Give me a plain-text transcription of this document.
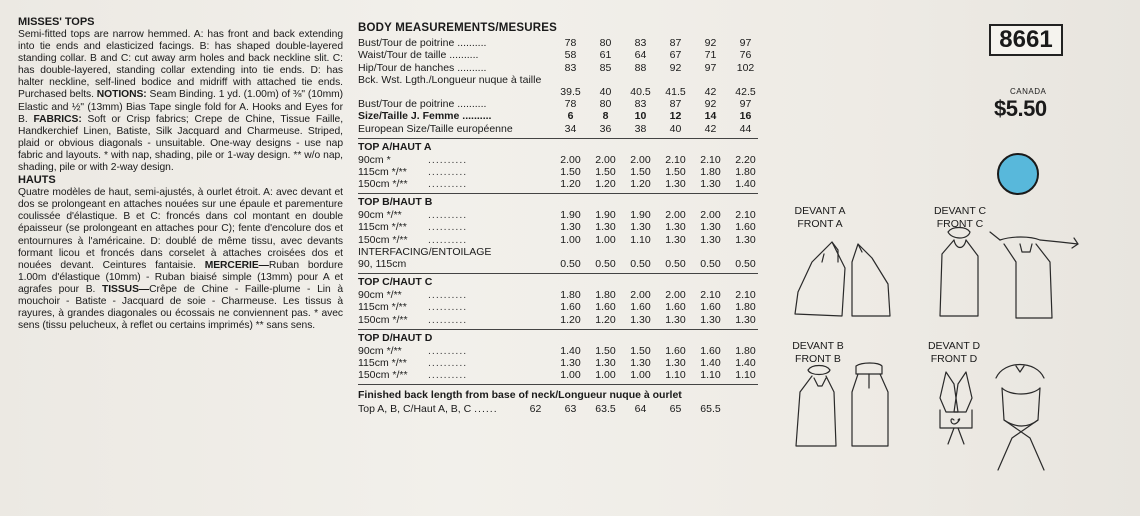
MISSES' TOPS

Semi-fitted tops are narrow hemmed. A: has front and back extending into tie ends and elasticized facings. B: has shaped double-layered standing collar. B and C: cut away arm holes and back neckline slit. C: has double-layered, standing collar extending into tie ends. D: has halter neckline, self-lined bodice and midriff with attached tie ends. Purchased belts. NOTIONS: Seam Binding. 1 yd. (1.00m) of ⅜" (10mm) Elastic and ½" (13mm) Bias Tape single fold for A. Hooks and Eyes for B. FABRICS: Soft or Crisp fabrics; Crepe de Chine, Tissue Faille, Handkerchief Linen, Batiste, Silk Jacquard and Charmeuse. Striped, plaid or obvious diagonals - unsuitable. One-way designs - use nap fabric and layouts. * with nap, shading, pile or 1-way design. ** w/o nap, shading, pile or with 2-way design.

HAUTS

Quatre modèles de haut, semi-ajustés, à ourlet étroit. A: avec devant et dos se prolongeant en attaches nouées sur une épaule et parementure coulissée d'élastique. B et C: froncés dans col montant en double épaisseur (se prolongeant en attaches pour C); fente d'encolure dos et entournures à l'américaine. D: doublé de même tissu, avec devants formant licou et froncés dans corselet à attaches croisées dos et nouées devant. Ceintures fantaisie. MERCERIE—Ruban bordure 1.00m d'élastique (10mm) - Ruban biaisé simple (13mm) pour A et agrafes pour B. TISSUS—Crêpe de Chine - Faille-plume - Lin à mouchoir - Batiste - Jacquard de soie - Charmeuse. Les tissus à rayures, à grandes diagonales ou écossais ne conviennent pas. * avec sens (tissu pelucheux, à reflet ou certains imprimés) ** sans sens.

BODY MEASUREMENTS/MESURES
Bust/Tour de poitrine ..........	78	80	83	87	92	97
Waist/Tour de taille ..........	58	61	64	67	71	76
Hip/Tour de hanches ..........	83	85	88	92	97	102
Bck. Wst. Lgth./Longueur nuque à taille
39.5	40	40.5	41.5	42	42.5
Bust/Tour de poitrine ..........	78	80	83	87	92	97
Size/Taille J. Femme ..........	6	8	10	12	14	16
European Size/Taille européenne	34	36	38	40	42	44
TOP A/HAUT A
90cm *	..........	2.00	2.00	2.00	2.10	2.10	2.20
115cm */**	..........	1.50	1.50	1.50	1.50	1.80	1.80
150cm */**	..........	1.20	1.20	1.20	1.30	1.30	1.40
TOP B/HAUT B
90cm */**	..........	1.90	1.90	1.90	2.00	2.00	2.10
115cm */**	..........	1.30	1.30	1.30	1.30	1.30	1.60
150cm */**	..........	1.00	1.00	1.10	1.30	1.30	1.30
INTERFACING/ENTOILAGE
90, 115cm	0.50	0.50	0.50	0.50	0.50	0.50
TOP C/HAUT C
90cm */**	..........	1.80	1.80	2.00	2.00	2.10	2.10
115cm */**	..........	1.60	1.60	1.60	1.60	1.60	1.80
150cm */**	..........	1.20	1.20	1.30	1.30	1.30	1.30
TOP D/HAUT D
90cm */**	..........	1.40	1.50	1.50	1.60	1.60	1.80
115cm */**	..........	1.30	1.30	1.30	1.30	1.40	1.40
150cm */**	..........	1.00	1.00	1.00	1.10	1.10	1.10
Finished back length from base of neck/Longueur nuque à ourlet
Top A, B, C/Haut A, B, C ......	62	63	63.5	64	65	65.5
8661
CANADA
$5.50
DEVANT A
FRONT A
DEVANT C
FRONT C
DEVANT B
FRONT B
DEVANT D
FRONT D
